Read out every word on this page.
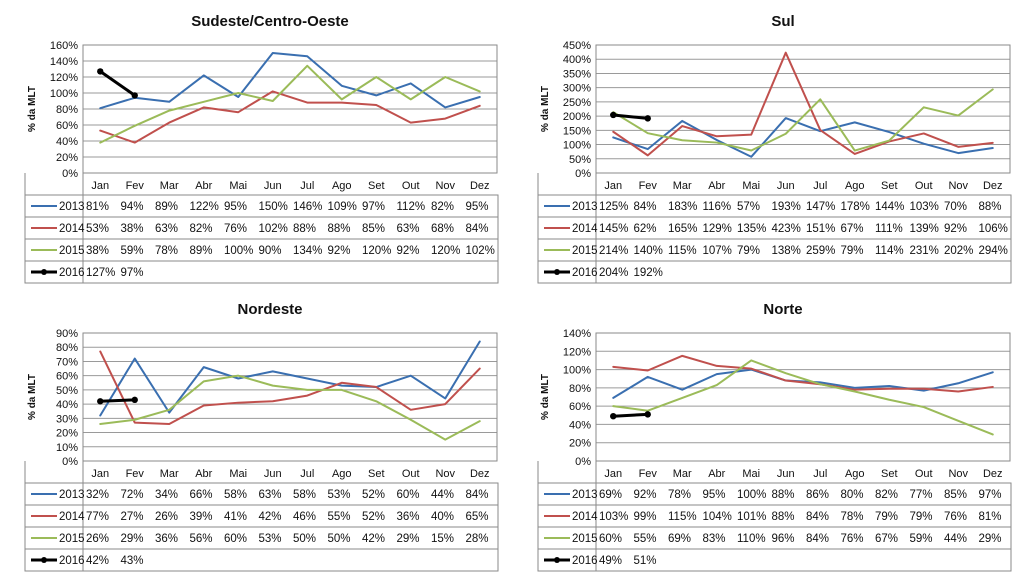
Sudeste/Centro-Oeste
% da MLT
0%
20%
40%
60%
80%
100%
120%
140%
160%
Jan Fev Mar Abr Mai Jun Jul Ago Set Out Nov Dez
2013 81% 94% 89% 122% 95% 150% 146% 109% 97% 112% 82% 95%
2014 53% 38% 63% 82% 76% 102% 88% 88% 85% 63% 68% 84%
2015 38% 59% 78% 89% 100% 90% 134% 92% 120% 92% 120% 102%
2016 127% 97%
Sul
% da MLT
0%
50%
100%
150%
200%
250%
300%
350%
400%
450%
Jan Fev Mar Abr Mai Jun Jul Ago Set Out Nov Dez
2013 125% 84% 183% 116% 57% 193% 147% 178% 144% 103% 70% 88%
2014 145% 62% 165% 129% 135% 423% 151% 67% 111% 139% 92% 106%
2015 214% 140% 115% 107% 79% 138% 259% 79% 114% 231% 202% 294%
2016 204% 192%
Nordeste
% da MLT
0%
10%
20%
30%
40%
50%
60%
70%
80%
90%
Jan Fev Mar Abr Mai Jun Jul Ago Set Out Nov Dez
2013 32% 72% 34% 66% 58% 63% 58% 53% 52% 60% 44% 84%
2014 77% 27% 26% 39% 41% 42% 46% 55% 52% 36% 40% 65%
2015 26% 29% 36% 56% 60% 53% 50% 50% 42% 29% 15% 28%
2016 42% 43%
Norte
% da MLT
0%
20%
40%
60%
80%
100%
120%
140%
Jan Fev Mar Abr Mai Jun Jul Ago Set Out Nov Dez
2013 69% 92% 78% 95% 100% 88% 86% 80% 82% 77% 85% 97%
2014 103% 99% 115% 104% 101% 88% 84% 78% 79% 79% 76% 81%
2015 60% 55% 69% 83% 110% 96% 84% 76% 67% 59% 44% 29%
2016 49% 51%
